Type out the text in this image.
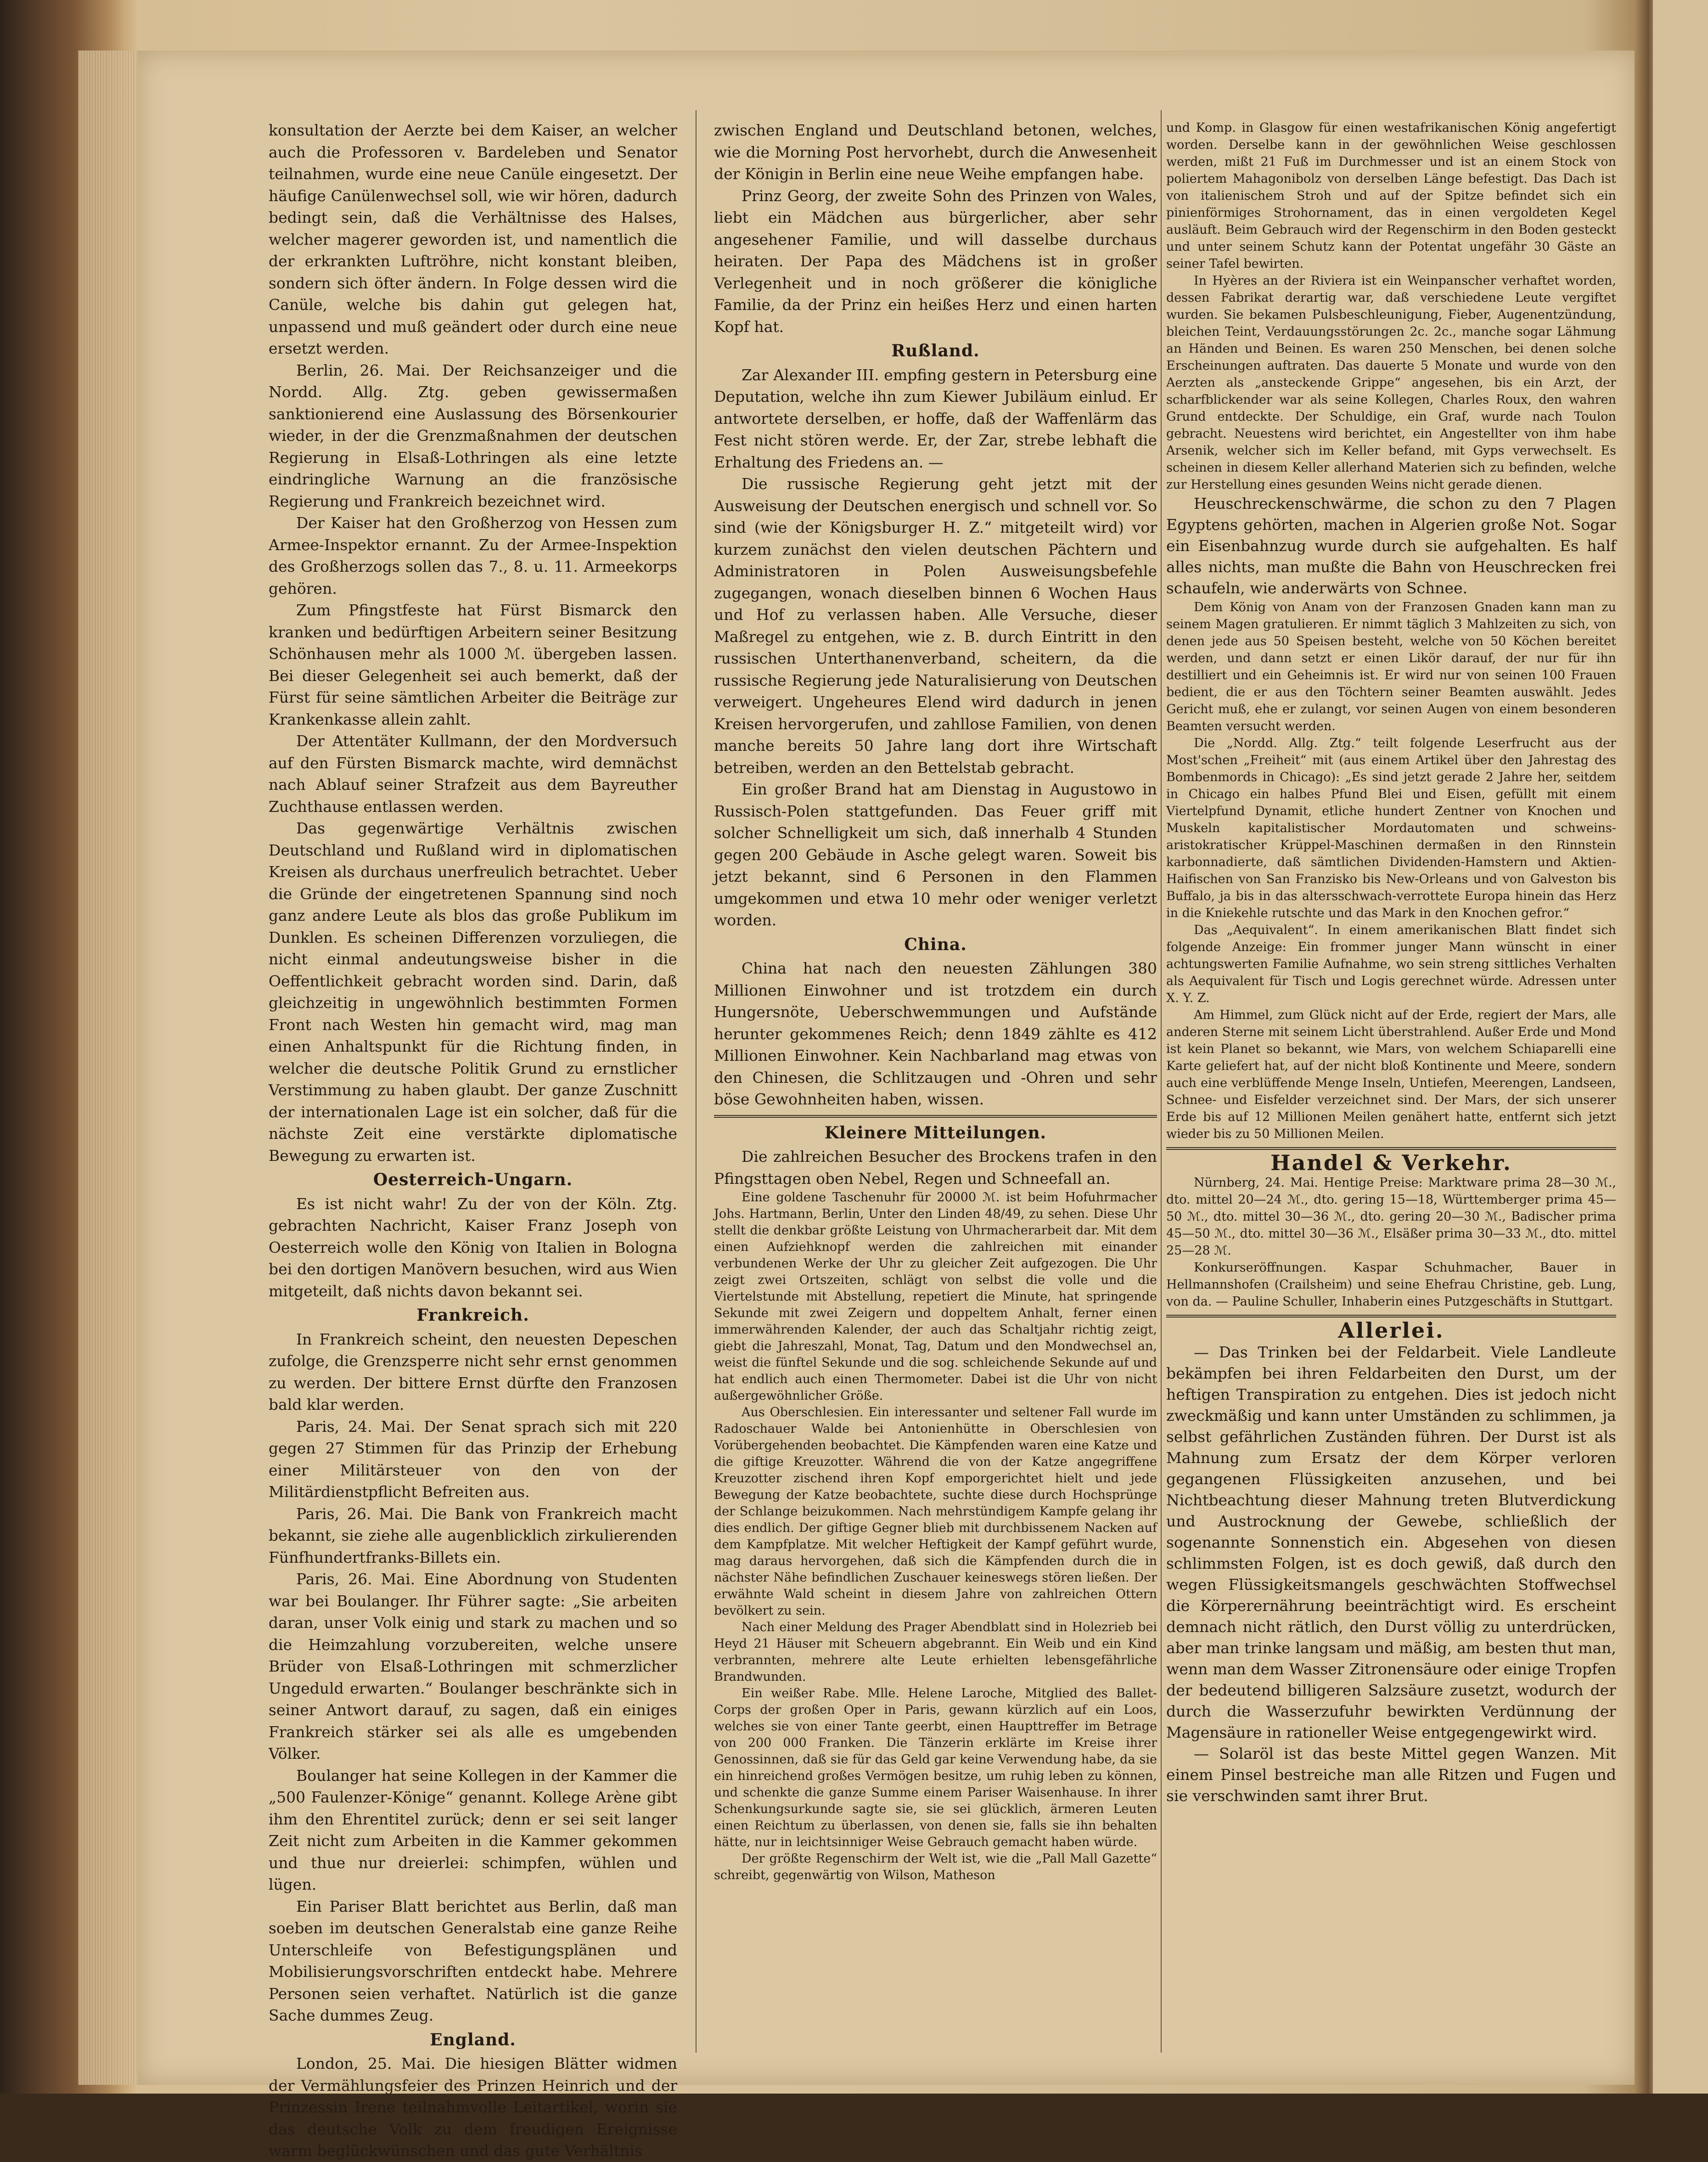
konsultation der Aerzte bei dem Kaiser, an welcher auch die Professoren v. Bardeleben und Senator teilnahmen, wurde eine neue Canüle eingesetzt. Der häufige Canülenwechsel soll, wie wir hören, dadurch bedingt sein, daß die Verhältnisse des Halses, welcher magerer geworden ist, und namentlich die der erkrankten Luftröhre, nicht konstant bleiben, sondern sich öfter ändern. In Folge dessen wird die Canüle, welche bis dahin gut gelegen hat, unpassend und muß geändert oder durch eine neue ersetzt werden.

Berlin, 26. Mai. Der Reichsanzeiger und die Nordd. Allg. Ztg. geben gewissermaßen sanktionierend eine Auslassung des Börsenkourier wieder, in der die Grenzmaßnahmen der deutschen Regierung in Elsaß-Lothringen als eine letzte eindringliche Warnung an die französische Regierung und Frankreich bezeichnet wird.

Der Kaiser hat den Großherzog von Hessen zum Armee-Inspektor ernannt. Zu der Armee-Inspektion des Großherzogs sollen das 7., 8. u. 11. Armeekorps gehören.

Zum Pfingstfeste hat Fürst Bismarck den kranken und bedürftigen Arbeitern seiner Besitzung Schönhausen mehr als 1000 ℳ. übergeben lassen. Bei dieser Gelegenheit sei auch bemerkt, daß der Fürst für seine sämtlichen Arbeiter die Beiträge zur Krankenkasse allein zahlt.

Der Attentäter Kullmann, der den Mordversuch auf den Fürsten Bismarck machte, wird demnächst nach Ablauf seiner Strafzeit aus dem Bayreuther Zuchthause entlassen werden.

Das gegenwärtige Verhältnis zwischen Deutschland und Rußland wird in diplomatischen Kreisen als durchaus unerfreulich betrachtet. Ueber die Gründe der eingetretenen Spannung sind noch ganz andere Leute als blos das große Publikum im Dunklen. Es scheinen Differenzen vorzuliegen, die nicht einmal andeutungsweise bisher in die Oeffentlichkeit gebracht worden sind. Darin, daß gleichzeitig in ungewöhnlich bestimmten Formen Front nach Westen hin gemacht wird, mag man einen Anhaltspunkt für die Richtung finden, in welcher die deutsche Politik Grund zu ernstlicher Verstimmung zu haben glaubt. Der ganze Zuschnitt der internationalen Lage ist ein solcher, daß für die nächste Zeit eine verstärkte diplomatische Bewegung zu erwarten ist.

Oesterreich-Ungarn.

Es ist nicht wahr! Zu der von der Köln. Ztg. gebrachten Nachricht, Kaiser Franz Joseph von Oesterreich wolle den König von Italien in Bologna bei den dortigen Manövern besuchen, wird aus Wien mitgeteilt, daß nichts davon bekannt sei.

Frankreich.

In Frankreich scheint, den neuesten Depeschen zufolge, die Grenzsperre nicht sehr ernst genommen zu werden. Der bittere Ernst dürfte den Franzosen bald klar werden.

Paris, 24. Mai. Der Senat sprach sich mit 220 gegen 27 Stimmen für das Prinzip der Erhebung einer Militärsteuer von den von der Militärdienstpflicht Befreiten aus.

Paris, 26. Mai. Die Bank von Frankreich macht bekannt, sie ziehe alle augenblicklich zirkulierenden Fünfhundertfranks-Billets ein.

Paris, 26. Mai. Eine Abordnung von Studenten war bei Boulanger. Ihr Führer sagte: „Sie arbeiten daran, unser Volk einig und stark zu machen und so die Heimzahlung vorzubereiten, welche unsere Brüder von Elsaß-Lothringen mit schmerzlicher Ungeduld erwarten.“ Boulanger beschränkte sich in seiner Antwort darauf, zu sagen, daß ein einiges Frankreich stärker sei als alle es umgebenden Völker.

Boulanger hat seine Kollegen in der Kammer die „500 Faulenzer-Könige“ genannt. Kollege Arène gibt ihm den Ehrentitel zurück; denn er sei seit langer Zeit nicht zum Arbeiten in die Kammer gekommen und thue nur dreierlei: schimpfen, wühlen und lügen.

Ein Pariser Blatt berichtet aus Berlin, daß man soeben im deutschen Generalstab eine ganze Reihe Unterschleife von Befestigungsplänen und Mobilisierungsvorschriften entdeckt habe. Mehrere Personen seien verhaftet. Natürlich ist die ganze Sache dummes Zeug.

England.

London, 25. Mai. Die hiesigen Blätter widmen der Vermählungsfeier des Prinzen Heinrich und der Prinzessin Irene teilnahmvolle Leitartikel, worin sie das deutsche Volk zu dem freudigen Ereignisse warm beglückwünschen und das gute Verhältnis

zwischen England und Deutschland betonen, welches, wie die Morning Post hervorhebt, durch die Anwesenheit der Königin in Berlin eine neue Weihe empfangen habe.

Prinz Georg, der zweite Sohn des Prinzen von Wales, liebt ein Mädchen aus bürgerlicher, aber sehr angesehener Familie, und will dasselbe durchaus heiraten. Der Papa des Mädchens ist in großer Verlegenheit und in noch größerer die königliche Familie, da der Prinz ein heißes Herz und einen harten Kopf hat.

Rußland.

Zar Alexander III. empfing gestern in Petersburg eine Deputation, welche ihn zum Kiewer Jubiläum einlud. Er antwortete derselben, er hoffe, daß der Waffenlärm das Fest nicht stören werde. Er, der Zar, strebe lebhaft die Erhaltung des Friedens an. —

Die russische Regierung geht jetzt mit der Ausweisung der Deutschen energisch und schnell vor. So sind (wie der Königsburger H. Z.“ mitgeteilt wird) vor kurzem zunächst den vielen deutschen Pächtern und Administratoren in Polen Ausweisungsbefehle zugegangen, wonach dieselben binnen 6 Wochen Haus und Hof zu verlassen haben. Alle Versuche, dieser Maßregel zu entgehen, wie z. B. durch Eintritt in den russischen Unterthanenverband, scheitern, da die russische Regierung jede Naturalisierung von Deutschen verweigert. Ungeheures Elend wird dadurch in jenen Kreisen hervorgerufen, und zahllose Familien, von denen manche bereits 50 Jahre lang dort ihre Wirtschaft betreiben, werden an den Bettelstab gebracht.

Ein großer Brand hat am Dienstag in Augustowo in Russisch-Polen stattgefunden. Das Feuer griff mit solcher Schnelligkeit um sich, daß innerhalb 4 Stunden gegen 200 Gebäude in Asche gelegt waren. Soweit bis jetzt bekannt, sind 6 Personen in den Flammen umgekommen und etwa 10 mehr oder weniger verletzt worden.

China.

China hat nach den neuesten Zählungen 380 Millionen Einwohner und ist trotzdem ein durch Hungersnöte, Ueberschwemmungen und Aufstände herunter gekommenes Reich; denn 1849 zählte es 412 Millionen Einwohner. Kein Nachbarland mag etwas von den Chinesen, die Schlitzaugen und -Ohren und sehr böse Gewohnheiten haben, wissen.

Kleinere Mitteilungen.

Die zahlreichen Besucher des Brockens trafen in den Pfingsttagen oben Nebel, Regen und Schneefall an.

Eine goldene Taschenuhr für 20000 ℳ. ist beim Hofuhrmacher Johs. Hartmann, Berlin, Unter den Linden 48/49, zu sehen. Diese Uhr stellt die denkbar größte Leistung von Uhrmacherarbeit dar. Mit dem einen Aufziehknopf werden die zahlreichen mit einander verbundenen Werke der Uhr zu gleicher Zeit aufgezogen. Die Uhr zeigt zwei Ortszeiten, schlägt von selbst die volle und die Viertelstunde mit Abstellung, repetiert die Minute, hat springende Sekunde mit zwei Zeigern und doppeltem Anhalt, ferner einen immerwährenden Kalender, der auch das Schaltjahr richtig zeigt, giebt die Jahreszahl, Monat, Tag, Datum und den Mondwechsel an, weist die fünftel Sekunde und die sog. schleichende Sekunde auf und hat endlich auch einen Thermometer. Dabei ist die Uhr von nicht außergewöhnlicher Größe.

Aus Oberschlesien. Ein interessanter und seltener Fall wurde im Radoschauer Walde bei Antonienhütte in Oberschlesien von Vorübergehenden beobachtet. Die Kämpfenden waren eine Katze und die giftige Kreuzotter. Während die von der Katze angegriffene Kreuzotter zischend ihren Kopf emporgerichtet hielt und jede Bewegung der Katze beobachtete, suchte diese durch Hochsprünge der Schlange beizukommen. Nach mehrstündigem Kampfe gelang ihr dies endlich. Der giftige Gegner blieb mit durchbissenem Nacken auf dem Kampfplatze. Mit welcher Heftigkeit der Kampf geführt wurde, mag daraus hervorgehen, daß sich die Kämpfenden durch die in nächster Nähe befindlichen Zuschauer keineswegs stören ließen. Der erwähnte Wald scheint in diesem Jahre von zahlreichen Ottern bevölkert zu sein.

Nach einer Meldung des Prager Abendblatt sind in Holezrieb bei Heyd 21 Häuser mit Scheuern abgebrannt. Ein Weib und ein Kind verbrannten, mehrere alte Leute erhielten lebensgefährliche Brandwunden.

Ein weißer Rabe. Mlle. Helene Laroche, Mitglied des Ballet-Corps der großen Oper in Paris, gewann kürzlich auf ein Loos, welches sie von einer Tante geerbt, einen Haupttreffer im Betrage von 200 000 Franken. Die Tänzerin erklärte im Kreise ihrer Genossinnen, daß sie für das Geld gar keine Verwendung habe, da sie ein hinreichend großes Vermögen besitze, um ruhig leben zu können, und schenkte die ganze Summe einem Pariser Waisenhause. In ihrer Schenkungsurkunde sagte sie, sie sei glücklich, ärmeren Leuten einen Reichtum zu überlassen, von denen sie, falls sie ihn behalten hätte, nur in leichtsinniger Weise Gebrauch gemacht haben würde.

Der größte Regenschirm der Welt ist, wie die „Pall Mall Gazette“ schreibt, gegenwärtig von Wilson, Matheson

und Komp. in Glasgow für einen westafrikanischen König angefertigt worden. Derselbe kann in der gewöhnlichen Weise geschlossen werden, mißt 21 Fuß im Durchmesser und ist an einem Stock von poliertem Mahagonibolz von derselben Länge befestigt. Das Dach ist von italienischem Stroh und auf der Spitze befindet sich ein pinienförmiges Strohornament, das in einen vergoldeten Kegel ausläuft. Beim Gebrauch wird der Regenschirm in den Boden gesteckt und unter seinem Schutz kann der Potentat ungefähr 30 Gäste an seiner Tafel bewirten.

In Hyères an der Riviera ist ein Weinpanscher verhaftet worden, dessen Fabrikat derartig war, daß verschiedene Leute vergiftet wurden. Sie bekamen Pulsbeschleunigung, Fieber, Augenentzündung, bleichen Teint, Verdauungsstörungen 2c. 2c., manche sogar Lähmung an Händen und Beinen. Es waren 250 Menschen, bei denen solche Erscheinungen auftraten. Das dauerte 5 Monate und wurde von den Aerzten als „ansteckende Grippe“ angesehen, bis ein Arzt, der scharfblickender war als seine Kollegen, Charles Roux, den wahren Grund entdeckte. Der Schuldige, ein Graf, wurde nach Toulon gebracht. Neuestens wird berichtet, ein Angestellter von ihm habe Arsenik, welcher sich im Keller befand, mit Gyps verwechselt. Es scheinen in diesem Keller allerhand Materien sich zu befinden, welche zur Herstellung eines gesunden Weins nicht gerade dienen.

Heuschreckenschwärme, die schon zu den 7 Plagen Egyptens gehörten, machen in Algerien große Not. Sogar ein Eisenbahnzug wurde durch sie aufgehalten. Es half alles nichts, man mußte die Bahn von Heuschrecken frei schaufeln, wie anderwärts von Schnee.

Dem König von Anam von der Franzosen Gnaden kann man zu seinem Magen gratulieren. Er nimmt täglich 3 Mahlzeiten zu sich, von denen jede aus 50 Speisen besteht, welche von 50 Köchen bereitet werden, und dann setzt er einen Likör darauf, der nur für ihn destilliert und ein Geheimnis ist. Er wird nur von seinen 100 Frauen bedient, die er aus den Töchtern seiner Beamten auswählt. Jedes Gericht muß, ehe er zulangt, vor seinen Augen von einem besonderen Beamten versucht werden.

Die „Nordd. Allg. Ztg.“ teilt folgende Leserfrucht aus der Most'schen „Freiheit“ mit (aus einem Artikel über den Jahrestag des Bombenmords in Chicago): „Es sind jetzt gerade 2 Jahre her, seitdem in Chicago ein halbes Pfund Blei und Eisen, gefüllt mit einem Viertelpfund Dynamit, etliche hundert Zentner von Knochen und Muskeln kapitalistischer Mordautomaten und schweins-aristokratischer Krüppel-Maschinen dermaßen in den Rinnstein karbonnadierte, daß sämtlichen Dividenden-Hamstern und Aktien-Haifischen von San Franzisko bis New-Orleans und von Galveston bis Buffalo, ja bis in das altersschwach-verrottete Europa hinein das Herz in die Kniekehle rutschte und das Mark in den Knochen gefror.“

Das „Aequivalent“. In einem amerikanischen Blatt findet sich folgende Anzeige: Ein frommer junger Mann wünscht in einer achtungswerten Familie Aufnahme, wo sein streng sittliches Verhalten als Aequivalent für Tisch und Logis gerechnet würde. Adressen unter X. Y. Z.

Am Himmel, zum Glück nicht auf der Erde, regiert der Mars, alle anderen Sterne mit seinem Licht überstrahlend. Außer Erde und Mond ist kein Planet so bekannt, wie Mars, von welchem Schiaparelli eine Karte geliefert hat, auf der nicht bloß Kontinente und Meere, sondern auch eine verblüffende Menge Inseln, Untiefen, Meerengen, Landseen, Schnee- und Eisfelder verzeichnet sind. Der Mars, der sich unserer Erde bis auf 12 Millionen Meilen genähert hatte, entfernt sich jetzt wieder bis zu 50 Millionen Meilen.

Handel & Verkehr.

Nürnberg, 24. Mai. Hentige Preise: Marktware prima 28—30 ℳ., dto. mittel 20—24 ℳ., dto. gering 15—18, Württemberger prima 45—50 ℳ., dto. mittel 30—36 ℳ., dto. gering 20—30 ℳ., Badischer prima 45—50 ℳ., dto. mittel 30—36 ℳ., Elsäßer prima 30—33 ℳ., dto. mittel 25—28 ℳ.

Konkurseröffnungen. Kaspar Schuhmacher, Bauer in Hellmannshofen (Crailsheim) und seine Ehefrau Christine, geb. Lung, von da. — Pauline Schuller, Inhaberin eines Putzgeschäfts in Stuttgart.

Allerlei.

— Das Trinken bei der Feldarbeit. Viele Landleute bekämpfen bei ihren Feldarbeiten den Durst, um der heftigen Transpiration zu entgehen. Dies ist jedoch nicht zweckmäßig und kann unter Umständen zu schlimmen, ja selbst gefährlichen Zuständen führen. Der Durst ist als Mahnung zum Ersatz der dem Körper verloren gegangenen Flüssigkeiten anzusehen, und bei Nichtbeachtung dieser Mahnung treten Blutverdickung und Austrocknung der Gewebe, schließlich der sogenannte Sonnenstich ein. Abgesehen von diesen schlimmsten Folgen, ist es doch gewiß, daß durch den wegen Flüssigkeitsmangels geschwächten Stoffwechsel die Körperernährung beeinträchtigt wird. Es erscheint demnach nicht rätlich, den Durst völlig zu unterdrücken, aber man trinke langsam und mäßig, am besten thut man, wenn man dem Wasser Zitronensäure oder einige Tropfen der bedeutend billigeren Salzsäure zusetzt, wodurch der durch die Wasserzufuhr bewirkten Verdünnung der Magensäure in rationeller Weise entgegengewirkt wird.

— Solaröl ist das beste Mittel gegen Wanzen. Mit einem Pinsel bestreiche man alle Ritzen und Fugen und sie verschwinden samt ihrer Brut.
